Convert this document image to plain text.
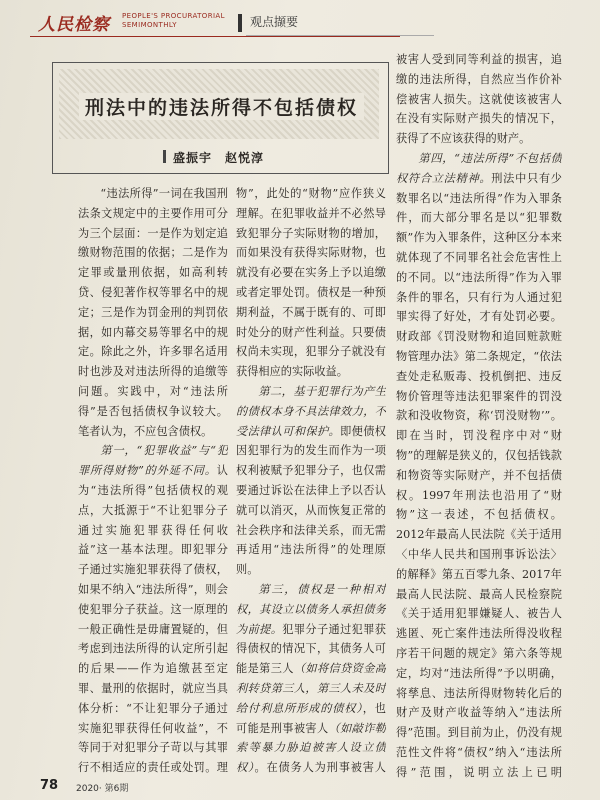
人民检察 PEOPLE'S PROCURATORIAL SEMIMONTHLY	观点撷要
刑法中的违法所得不包括债权
盛振宇　赵悦淳

“违法所得”一词在我国刑法条文规定中的主要作用可分为三个层面：一是作为划定追缴财物范围的依据；二是作为定罪或量刑依据，如高利转贷、侵犯著作权等罪名中的规定；三是作为罚金刑的判罚依据，如内幕交易等罪名中的规定。除此之外，许多罪名适用时也涉及对违法所得的追缴等问题。实践中，对“违法所得”是否包括债权争议较大。笔者认为，不应包含债权。

第一，“犯罪收益”与“犯罪所得财物”的外延不同。认为“违法所得”包括债权的观点，大抵源于“不让犯罪分子通过实施犯罪获得任何收益”这一基本法理。即犯罪分子通过实施犯罪获得了债权，如果不纳入“违法所得”，则会使犯罪分子获益。这一原理的一般正确性是毋庸置疑的，但考虑到违法所得的认定所引起的后果——作为追缴甚至定罪、量刑的依据时，就应当具体分析：“不让犯罪分子通过实施犯罪获得任何收益”，不等同于对犯罪分子苛以与其罪行不相适应的责任或处罚。理

物”，此处的“财物”应作狭义理解。在犯罪收益并不必然导致犯罪分子实际财物的增加，而如果没有获得实际财物，也就没有必要在实务上予以追缴或者定罪处罚。债权是一种预期利益，不属于既有的、可即时处分的财产性利益。只要债权尚未实现，犯罪分子就没有获得相应的实际收益。

第二，基于犯罪行为产生的债权本身不具法律效力，不受法律认可和保护。即便债权因犯罪行为的发生而作为一项权利被赋予犯罪分子，也仅需要通过诉讼在法律上予以否认就可以消灭，从而恢复正常的社会秩序和法律关系，而无需再适用“违法所得”的处理原则。

第三，债权是一种相对权，其设立以债务人承担债务为前提。犯罪分子通过犯罪获得债权的情况下，其债务人可能是第三人（如将信贷资金高利转贷第三人，第三人未及时给付利息所形成的债权），也可能是刑事被害人（如敲诈勒索等暴力胁迫被害人设立债权）。在债务人为刑事被害人

被害人受到同等利益的损害，追缴的违法所得，自然应当作价补偿被害人损失。这就使该被害人在没有实际财产损失的情况下，获得了不应该获得的财产。

第四，“违法所得”不包括债权符合立法精神。刑法中只有少数罪名以“违法所得”作为入罪条件，而大部分罪名是以“犯罪数额”作为入罪条件，这种区分本来就体现了不同罪名社会危害性上的不同。以“违法所得”作为入罪条件的罪名，只有行为人通过犯罪实得了好处，才有处罚必要。财政部《罚没财物和追回赃款赃物管理办法》第二条规定，“依法查处走私贩毒、投机倒把、违反物价管理等违法犯罪案件的罚没款和没收物资，称‘罚没财物’”。即在当时，罚没程序中对“财物”的理解是狭义的，仅包括钱款和物资等实际财产，并不包括债权。1997年刑法也沿用了“财物”这一表述，不包括债权。2012年最高人民法院《关于适用〈中华人民共和国刑事诉讼法〉的解释》第五百零九条、2017年最高人民法院、最高人民检察院《关于适用犯罪嫌疑人、被告人逃匿、死亡案件违法所得没收程序若干问题的规定》第六条等规定，均对“违法所得”予以明确，将孳息、违法所得财物转化后的财产及财产收益等纳入“违法所得”范围。到目前为止，仍没有规范性文件将“债权”纳入“违法所得”范围，说明立法上已明

78 2020· 第6期
